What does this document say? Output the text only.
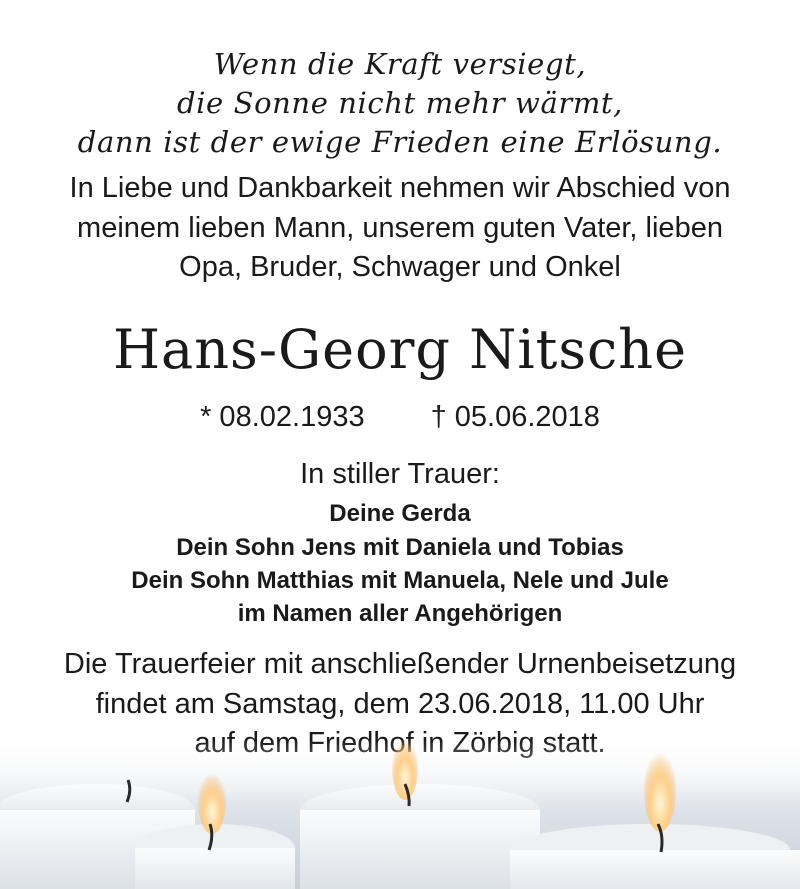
Wenn die Kraft versiegt,
die Sonne nicht mehr wärmt,
dann ist der ewige Frieden eine Erlösung.
In Liebe und Dankbarkeit nehmen wir Abschied von
meinem lieben Mann, unserem guten Vater, lieben
Opa, Bruder, Schwager und Onkel
Hans-Georg Nitsche
* 08.02.1933 † 05.06.2018
In stiller Trauer:
Deine Gerda
Dein Sohn Jens mit Daniela und Tobias
Dein Sohn Matthias mit Manuela, Nele und Jule
im Namen aller Angehörigen
Die Trauerfeier mit anschließender Urnenbeisetzung
findet am Samstag, dem 23.06.2018, 11.00 Uhr
